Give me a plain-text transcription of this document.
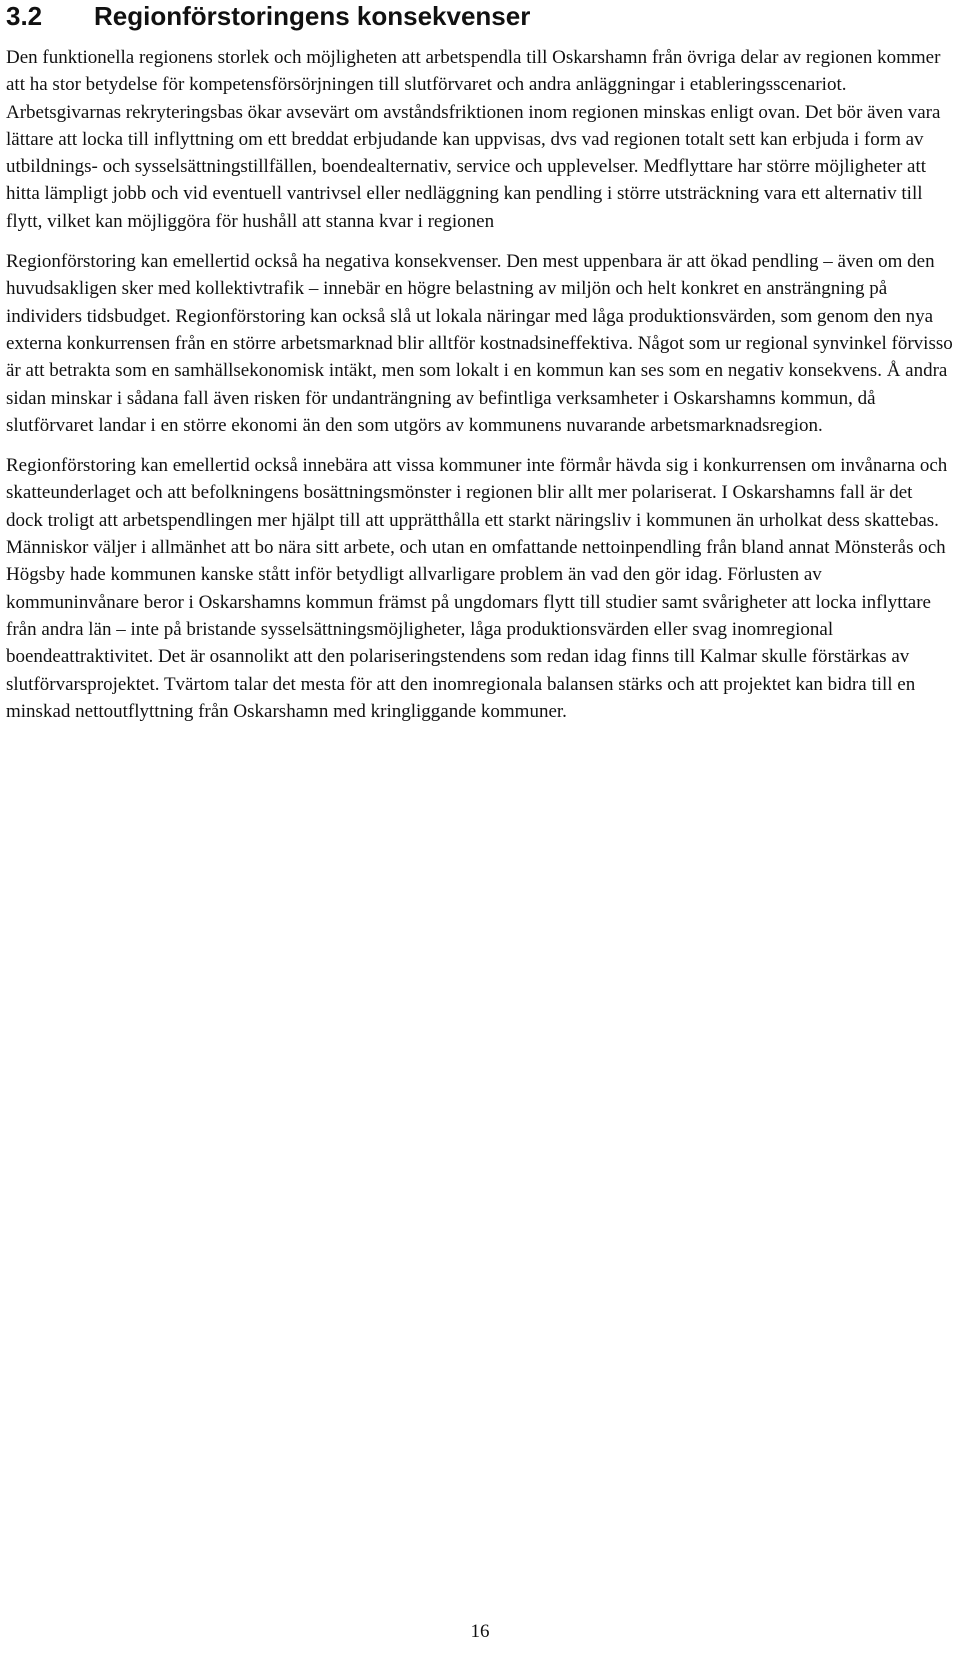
3.2 Regionförstoringens konsekvenser

Den funktionella regionens storlek och möjligheten att arbetspendla till Oskarshamn från övriga delar av regionen kommer att ha stor betydelse för kompetensförsörjningen till slutförvaret och andra anläggningar i etableringsscenariot. Arbetsgivarnas rekryteringsbas ökar avsevärt om avståndsfriktionen inom regionen minskas enligt ovan. Det bör även vara lättare att locka till inflyttning om ett breddat erbjudande kan uppvisas, dvs vad regionen totalt sett kan erbjuda i form av utbildnings- och sysselsättningstillfällen, boendealternativ, service och upplevelser. Medflyttare har större möjligheter att hitta lämpligt jobb och vid eventuell vantrivsel eller nedläggning kan pendling i större utsträckning vara ett alternativ till flytt, vilket kan möjliggöra för hushåll att stanna kvar i regionen

Regionförstoring kan emellertid också ha negativa konsekvenser. Den mest uppenbara är att ökad pendling – även om den huvudsakligen sker med kollektivtrafik – innebär en högre belastning av miljön och helt konkret en ansträngning på individers tidsbudget. Regionförstoring kan också slå ut lokala näringar med låga produktionsvärden, som genom den nya externa konkurrensen från en större arbetsmarknad blir alltför kostnadsineffektiva. Något som ur regional synvinkel förvisso är att betrakta som en samhällsekonomisk intäkt, men som lokalt i en kommun kan ses som en negativ konsekvens. Å andra sidan minskar i sådana fall även risken för undanträngning av befintliga verksamheter i Oskarshamns kommun, då slutförvaret landar i en större ekonomi än den som utgörs av kommunens nuvarande arbetsmarknadsregion.

Regionförstoring kan emellertid också innebära att vissa kommuner inte förmår hävda sig i konkurrensen om invånarna och skatteunderlaget och att befolkningens bosättningsmönster i regionen blir allt mer polariserat. I Oskarshamns fall är det dock troligt att arbetspendlingen mer hjälpt till att upprätthålla ett starkt näringsliv i kommunen än urholkat dess skattebas. Människor väljer i allmänhet att bo nära sitt arbete, och utan en omfattande nettoinpendling från bland annat Mönsterås och Högsby hade kommunen kanske stått inför betydligt allvarligare problem än vad den gör idag. Förlusten av kommuninvånare beror i Oskarshamns kommun främst på ungdomars flytt till studier samt svårigheter att locka inflyttare från andra län – inte på bristande sysselsättningsmöjligheter, låga produktionsvärden eller svag inomregional boendeattraktivitet. Det är osannolikt att den polariseringstendens som redan idag finns till Kalmar skulle förstärkas av slutförvarsprojektet. Tvärtom talar det mesta för att den inomregionala balansen stärks och att projektet kan bidra till en minskad nettoutflyttning från Oskarshamn med kringliggande kommuner.

16
